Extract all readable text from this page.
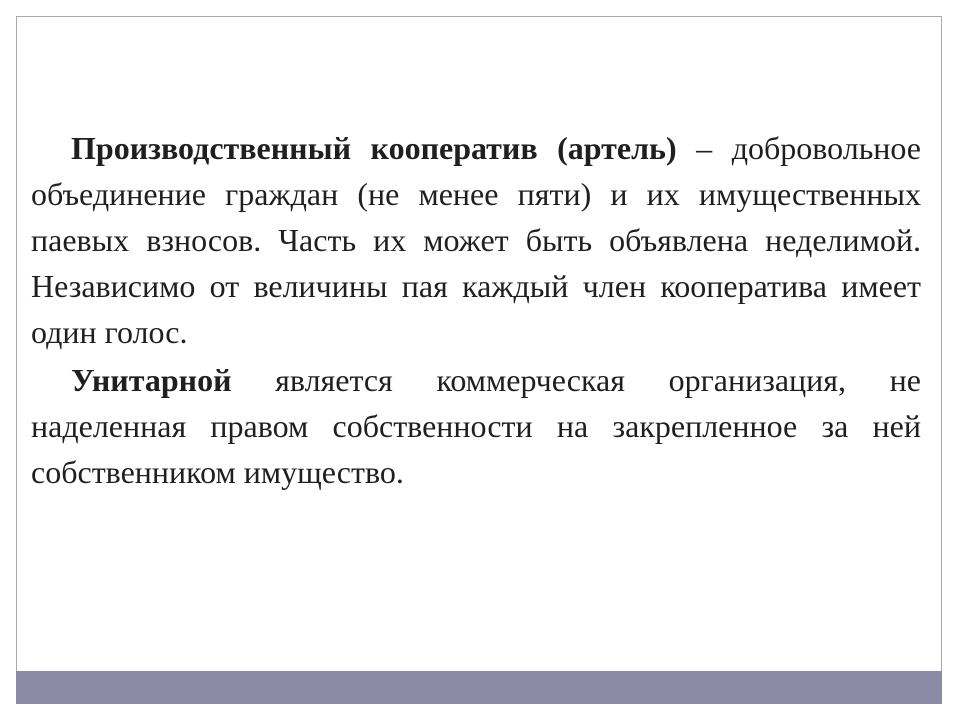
Производственный кооператив (артель) – добровольное объединение граждан (не менее пяти) и их имущественных паевых взносов. Часть их может быть объявлена неделимой. Независимо от величины пая каждый член кооператива имеет один голос.

Унитарной является коммерческая организация, не наделенная правом собственности на закрепленное за ней собственником имущество.
